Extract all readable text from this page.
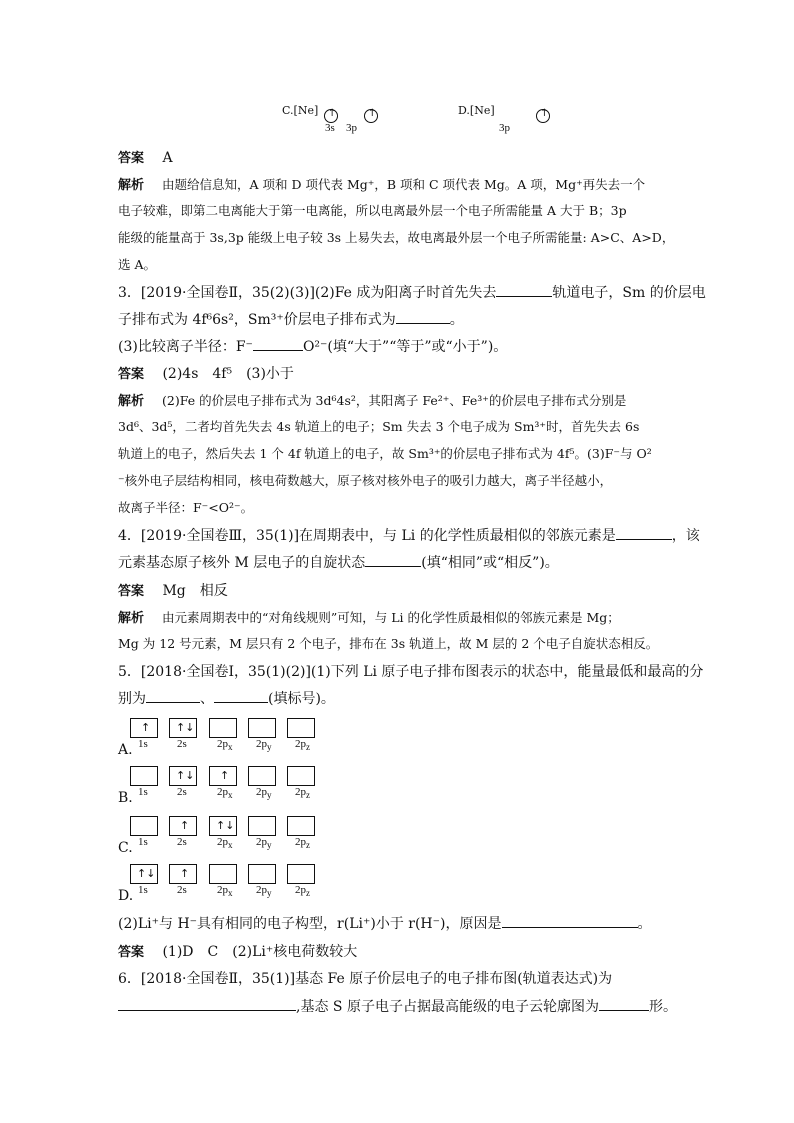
C.[Ne] ↑
	↑

3s 3p
D.[Ne]	↑
3p
答案 A
解析 由题给信息知，A 项和 D 项代表 Mg⁺，B 项和 C 项代表 Mg。A 项，Mg⁺再失去一个
电子较难，即第二电离能大于第一电离能，所以电离最外层一个电子所需能量 A 大于 B；3p
能级的能量高于 3s,3p 能级上电子较 3s 上易失去，故电离最外层一个电子所需能量: A>C、A>D，
选 A。
3．[2019·全国卷Ⅱ，35(2)(3)](2)Fe 成为阳离子时首先失去	轨道电子，Sm 的价层电
子排布式为 4f⁶6s²，Sm³⁺价层电子排布式为	。
(3)比较离子半径：F⁻	O²⁻(填“大于”“等于”或“小于”)。
答案 (2)4s　4f⁵　(3)小于
解析 (2)Fe 的价层电子排布式为 3d⁶4s²，其阳离子 Fe²⁺、Fe³⁺的价层电子排布式分别是
3d⁶、3d⁵，二者均首先失去 4s 轨道上的电子；Sm 失去 3 个电子成为 Sm³⁺时，首先失去 6s
轨道上的电子，然后失去 1 个 4f 轨道上的电子，故 Sm³⁺的价层电子排布式为 4f⁵。(3)F⁻与 O²
⁻核外电子层结构相同，核电荷数越大，原子核对核外电子的吸引力越大，离子半径越小，
故离子半径：F⁻<O²⁻。
4．[2019·全国卷Ⅲ，35(1)]在周期表中，与 Li 的化学性质最相似的邻族元素是	，该
元素基态原子核外 M 层电子的自旋状态	(填“相同”或“相反”)。
答案 Mg　相反
解析 由元素周期表中的“对角线规则”可知，与 Li 的化学性质最相似的邻族元素是 Mg；
Mg 为 12 号元素，M 层只有 2 个电子，排布在 3s 轨道上，故 M 层的 2 个电子自旋状态相反。
5．[2018·全国卷Ⅰ，35(1)(2)](1)下列 Li 原子电子排布图表示的状态中，能量最低和最高的分
别为	、	(填标号)。
A.
↑
1s
↑↓
2s	$2p_x$ $2p_y$ $2p_z$
B. 1s
↑↓
2s
↑
$2p_x$ $2p_y$ $2p_z$
C. 1s
↑
2s
↑↓
$2p_x$ $2p_y$ $2p_z$
D.
↑↓
1s
↑
2s	$2p_x$ $2p_y$ $2p_z$
(2)Li⁺与 H⁻具有相同的电子构型，r(Li⁺)小于 r(H⁻)，原因是	。
答案 (1)D　C　(2)Li⁺核电荷数较大
6．[2018·全国卷Ⅱ，35(1)]基态 Fe 原子价层电子的电子排布图(轨道表达式)为
,基态 S 原子电子占据最高能级的电子云轮廓图为	形。
